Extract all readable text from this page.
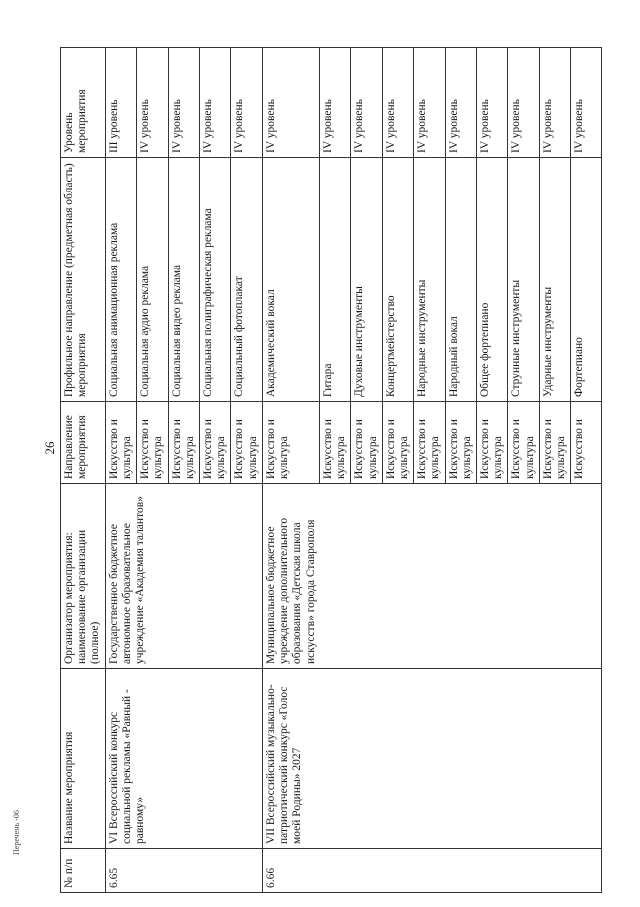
26
Перечень -06
№ п/п	Название мероприятия	Организатор мероприятия: наименование организации (полное)	Направление мероприятия	Профильное направление (предметная область) мероприятия	Уровень мероприятия
6.65	VI Всероссийский конкурс социальной рекламы «Равный - равному»	Государственное бюджетное автономное образовательное учреждение «Академия талантов»	Искусство и культура	Социальная анимационная реклама	III уровень
			Искусство и культура	Социальная аудио реклама	IV уровень
			Искусство и культура	Социальная видео реклама	IV уровень
			Искусство и культура	Социальная полиграфическая реклама	IV уровень
			Искусство и культура	Социальный фотоплакат	IV уровень
6.66	VII Всероссийский музыкально-патриотический конкурс «Голос моей Родины» 2027	Муниципальное бюджетное учреждение дополнительного образования «Детская школа искусств» города Ставрополя	Искусство и культура	Академический вокал	IV уровень
			Искусство и культура	Гитара	IV уровень
			Искусство и культура	Духовые инструменты	IV уровень
			Искусство и культура	Концертмейстерство	IV уровень
			Искусство и культура	Народные инструменты	IV уровень
			Искусство и культура	Народный вокал	IV уровень
			Искусство и культура	Общее фортепиано	IV уровень
			Искусство и культура	Струнные инструменты	IV уровень
			Искусство и культура	Ударные инструменты	IV уровень
			Искусство и	Фортепиано	IV уровень
